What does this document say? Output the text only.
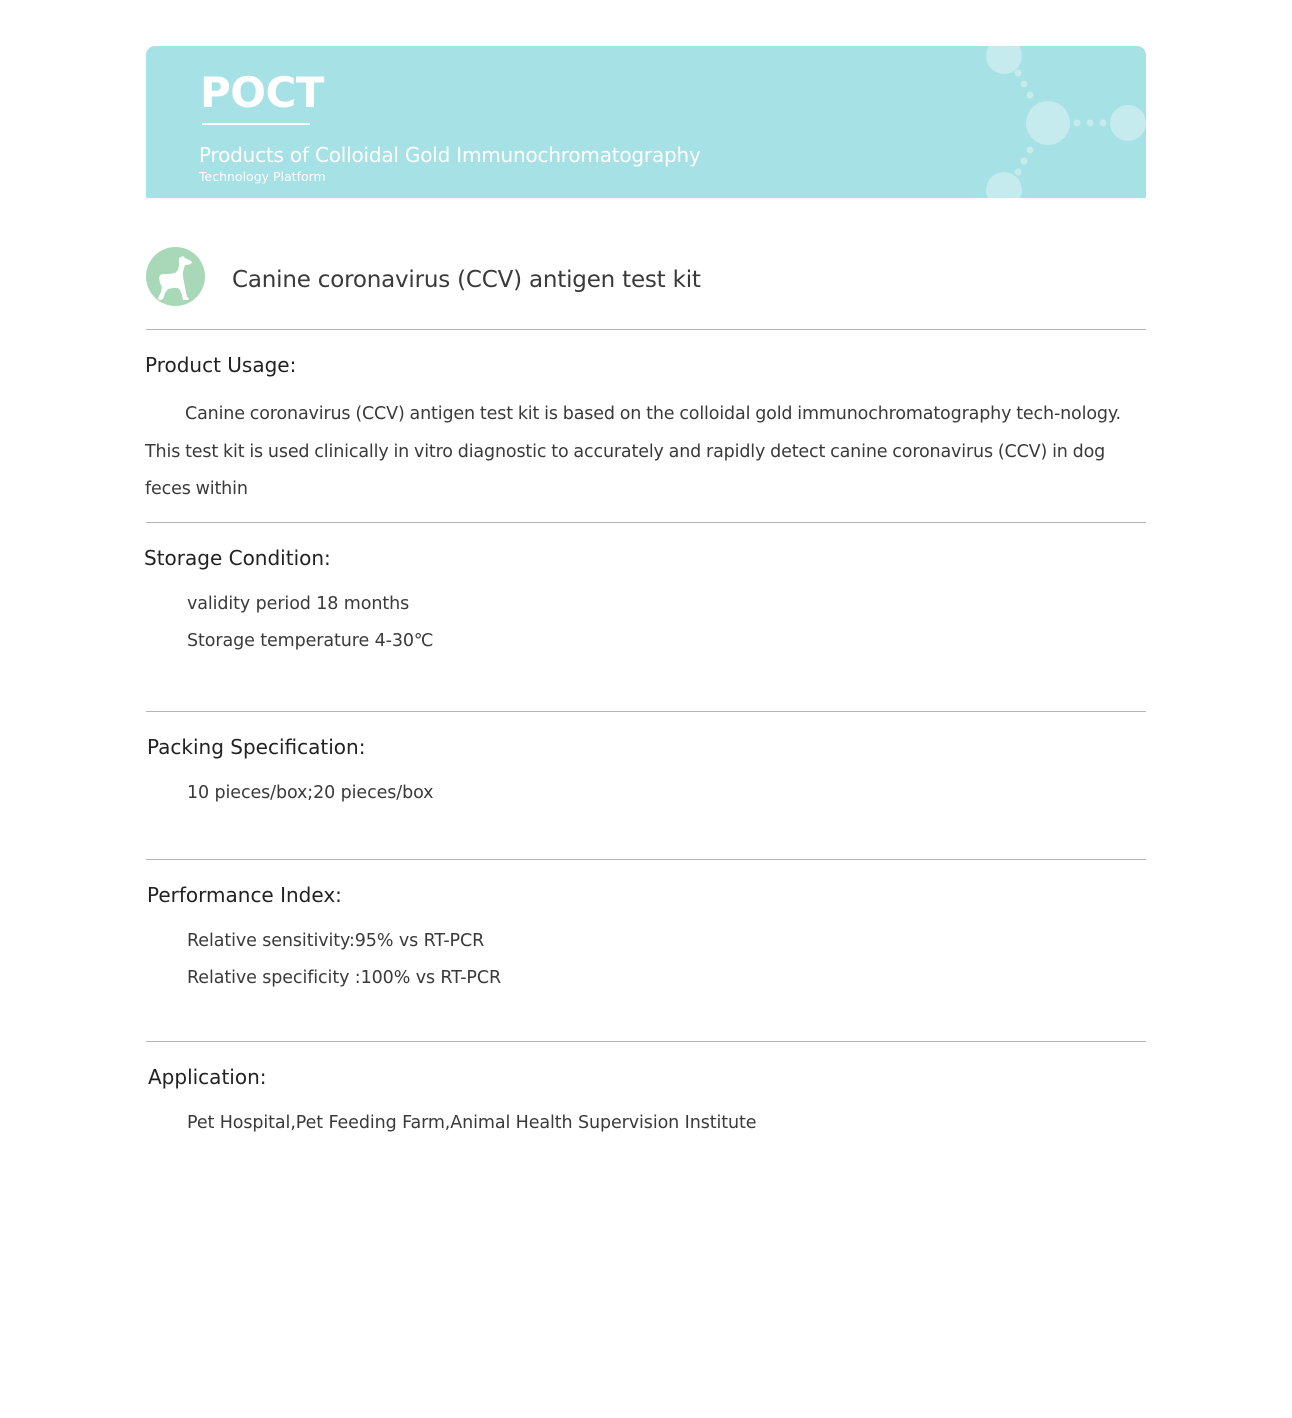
POCT
Products of Colloidal Gold Immunochromatography
Technology Platform
Canine coronavirus (CCV) antigen test kit
Product Usage:

Canine coronavirus (CCV) antigen test kit is based on the colloidal gold immunochromatography tech-nology. This test kit is used clinically in vitro diagnostic to accurately and rapidly detect canine coronavirus (CCV) in dog feces within

Storage Condition:
validity period 18 months
Storage temperature 4-30℃
Packing Specification:
10 pieces/box;20 pieces/box
Performance Index:
Relative sensitivity:95% vs RT-PCR
Relative specificity :100% vs RT-PCR
Application:
Pet Hospital,Pet Feeding Farm,Animal Health Supervision Institute
